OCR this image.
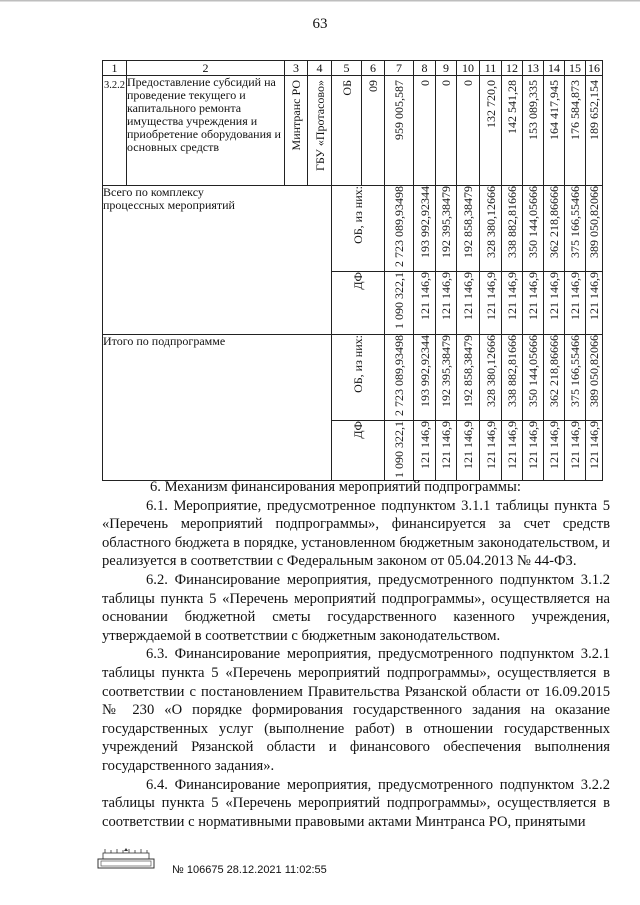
63
1	2	3	4	5	6	7	8	9	10	11	12	13	14	15	16
3.2.2	Предоставление субсидий на проведение текущего и капитального ремонта имущества учреждения и приобретение оборудования и основных средств	Минтранс РО	ГБУ «Протасово»	ОБ	09	959 005,587	0	0	0	132 720,0	142 541,28	153 089,335	164 417,945	176 584,873	189 652,154

Всего по комплексу процессных мероприятий				ОБ, из них:		2 723 089,93498	193 992,92344	192 395,38479	192 858,38479	328 380,12666	338 882,81666	350 144,05666	362 218,86666	375 166,55466	389 050,82066

				ДФ		1 090 322,1	121 146,9	121 146,9	121 146,9	121 146,9	121 146,9	121 146,9	121 146,9	121 146,9	121 146,9

Итого по подпрограмме				ОБ, из них:		2 723 089,93498	193 992,92344	192 395,38479	192 858,38479	328 380,12666	338 882,81666	350 144,05666	362 218,86666	375 166,55466	389 050,82066

				ДФ		1 090 322,1	121 146,9	121 146,9	121 146,9	121 146,9	121 146,9	121 146,9	121 146,9	121 146,9	121 146,9

6. Механизм финансирования мероприятий подпрограммы:

6.1. Мероприятие, предусмотренное подпунктом 3.1.1 таблицы пункта 5 «Перечень мероприятий подпрограммы», финансируется за счет средств областного бюджета в порядке, установленном бюджетным законодательством, и реализуется в соответствии с Федеральным законом от 05.04.2013 № 44-ФЗ.

6.2. Финансирование мероприятия, предусмотренного подпунктом 3.1.2 таблицы пункта 5 «Перечень мероприятий подпрограммы», осуществляется на основании бюджетной сметы государственного казенного учреждения, утверждаемой в соответствии с бюджетным законодательством.

6.3. Финансирование мероприятия, предусмотренного подпунктом 3.2.1 таблицы пункта 5 «Перечень мероприятий подпрограммы», осуществляется в соответствии с постановлением Правительства Рязанской области от 16.09.2015 № 230 «О порядке формирования государственного задания на оказание государственных услуг (выполнение работ) в отношении государственных учреждений Рязанской области и финансового обеспечения выполнения государственного задания».

6.4. Финансирование мероприятия, предусмотренного подпунктом 3.2.2 таблицы пункта 5 «Перечень мероприятий подпрограммы», осуществляется в соответствии с нормативными правовыми актами Минтранса РО, принятыми

№ 106675 28.12.2021 11:02:55
